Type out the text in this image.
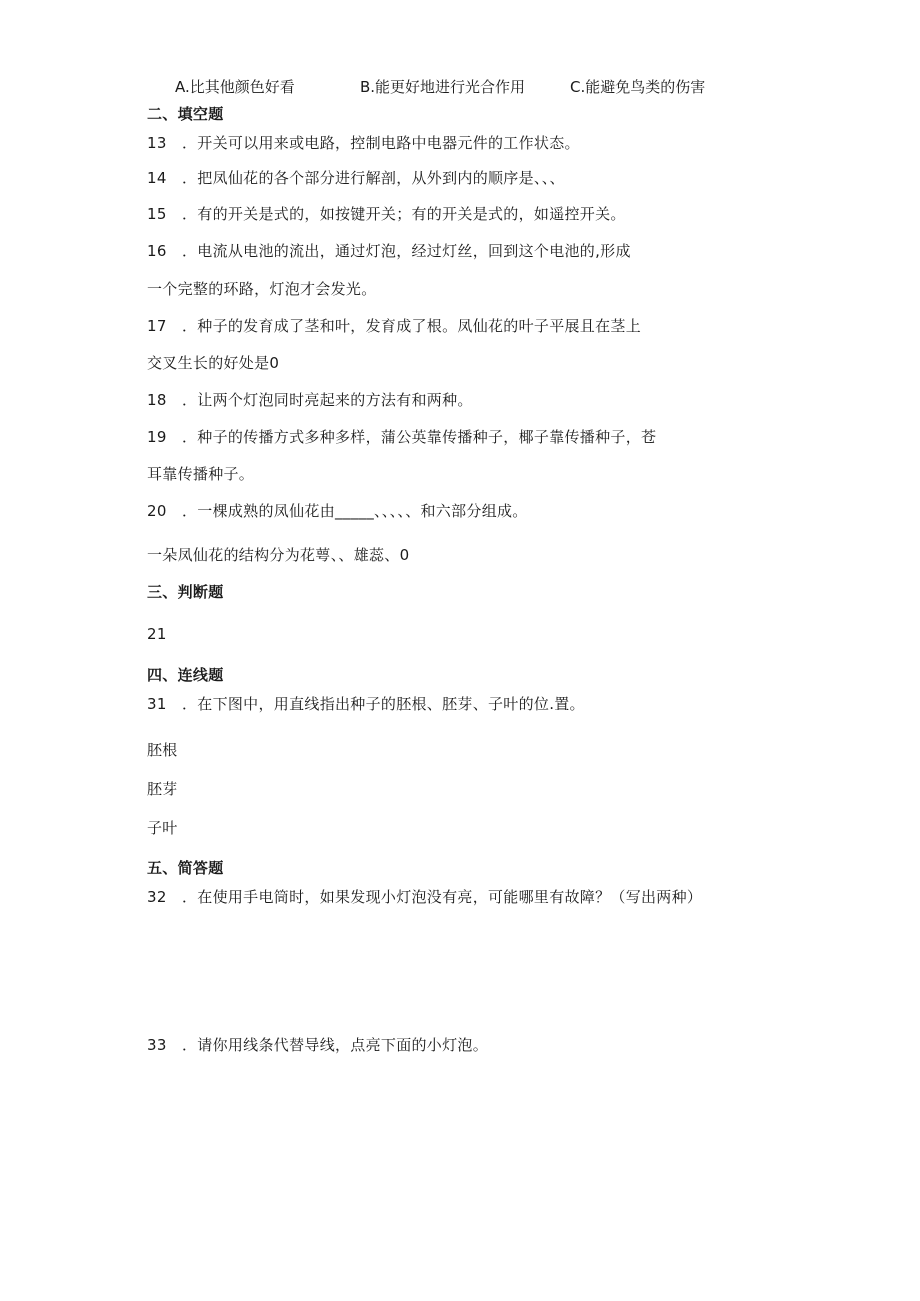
A.比其他颜色好看	B.能更好地进行光合作用	C.能避免鸟类的伤害
二、填空题
13　．开关可以用来或电路，控制电路中电器元件的工作状态。
14　．把凤仙花的各个部分进行解剖，从外到内的顺序是、、、
15　．有的开关是式的，如按键开关；有的开关是式的，如遥控开关。
16　．电流从电池的流出，通过灯泡，经过灯丝，回到这个电池的,形成
一个完整的环路，灯泡才会发光。
17　．种子的发育成了茎和叶，发育成了根。凤仙花的叶子平展且在茎上
交叉生长的好处是0
18　．让两个灯泡同时亮起来的方法有和两种。
19　．种子的传播方式多种多样，蒲公英靠传播种子，椰子靠传播种子，苍
耳靠传播种子。
20　．一棵成熟的凤仙花由_____、、、、、和六部分组成。
一朵凤仙花的结构分为花萼、、雄蕊、0
三、判断题
21
四、连线题
31　．在下图中，用直线指出种子的胚根、胚芽、子叶的位.置。
胚根
胚芽
子叶
五、简答题
32　．在使用手电筒时，如果发现小灯泡没有亮，可能哪里有故障？（写出两种）
33　．请你用线条代替导线，点亮下面的小灯泡。
